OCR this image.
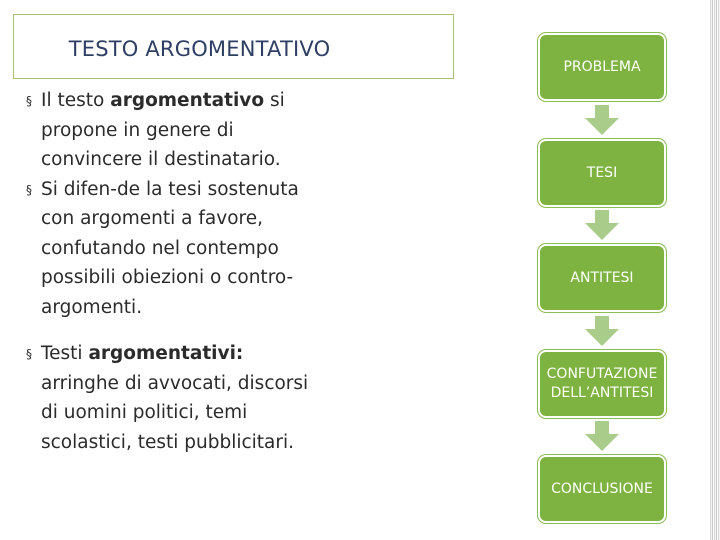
TESTO ARGOMENTATIVO

§ Il testo argomentativo si propone in genere di convincere il destinatario.

§ Si difen-de la tesi sostenuta con argomenti a favore, confutando nel contempo possibili obiezioni o contro-argomenti.

§ Testi argomentativi: arringhe di avvocati, discorsi di uomini politici, temi scolastici, testi pubblicitari.

PROBLEMA
TESI
ANTITESI
CONFUTAZIONE DELL’ANTITESI
CONCLUSIONE
